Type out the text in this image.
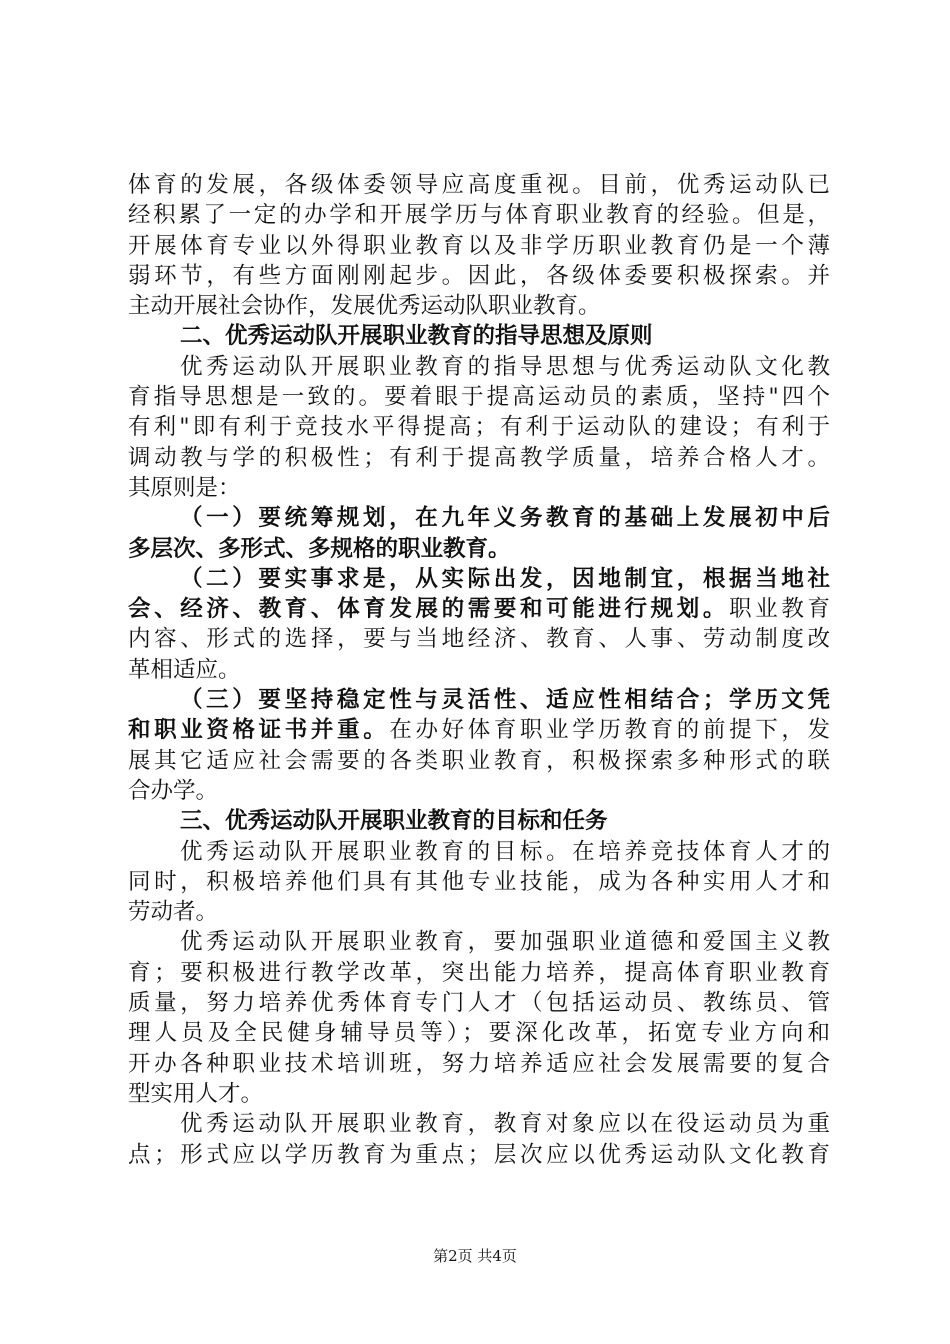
体育的发展，各级体委领导应高度重视。目前，优秀运动队已
经积累了一定的办学和开展学历与体育职业教育的经验。但是，
开展体育专业以外得职业教育以及非学历职业教育仍是一个薄
弱环节，有些方面刚刚起步。因此，各级体委要积极探索。并
主动开展社会协作，发展优秀运动队职业教育。
二、优秀运动队开展职业教育的指导思想及原则
优秀运动队开展职业教育的指导思想与优秀运动队文化教
育指导思想是一致的。要着眼于提高运动员的素质，坚持"四个
有利"即有利于竞技水平得提高；有利于运动队的建设；有利于
调动教与学的积极性；有利于提高教学质量，培养合格人才。
其原则是：
（一）要统筹规划，在九年义务教育的基础上发展初中后
多层次、多形式、多规格的职业教育。
（二）要实事求是，从实际出发，因地制宜，根据当地社
会、经济、教育、体育发展的需要和可能进行规划。职业教育
内容、形式的选择，要与当地经济、教育、人事、劳动制度改
革相适应。
（三）要坚持稳定性与灵活性、适应性相结合；学历文凭
和职业资格证书并重。在办好体育职业学历教育的前提下，发
展其它适应社会需要的各类职业教育，积极探索多种形式的联
合办学。
三、优秀运动队开展职业教育的目标和任务
优秀运动队开展职业教育的目标。在培养竞技体育人才的
同时，积极培养他们具有其他专业技能，成为各种实用人才和
劳动者。
优秀运动队开展职业教育，要加强职业道德和爱国主义教
育；要积极进行教学改革，突出能力培养，提高体育职业教育
质量，努力培养优秀体育专门人才（包括运动员、教练员、管
理人员及全民健身辅导员等）；要深化改革，拓宽专业方向和
开办各种职业技术培训班，努力培养适应社会发展需要的复合
型实用人才。
优秀运动队开展职业教育，教育对象应以在役运动员为重
点；形式应以学历教育为重点；层次应以优秀运动队文化教育
第2页 共4页
